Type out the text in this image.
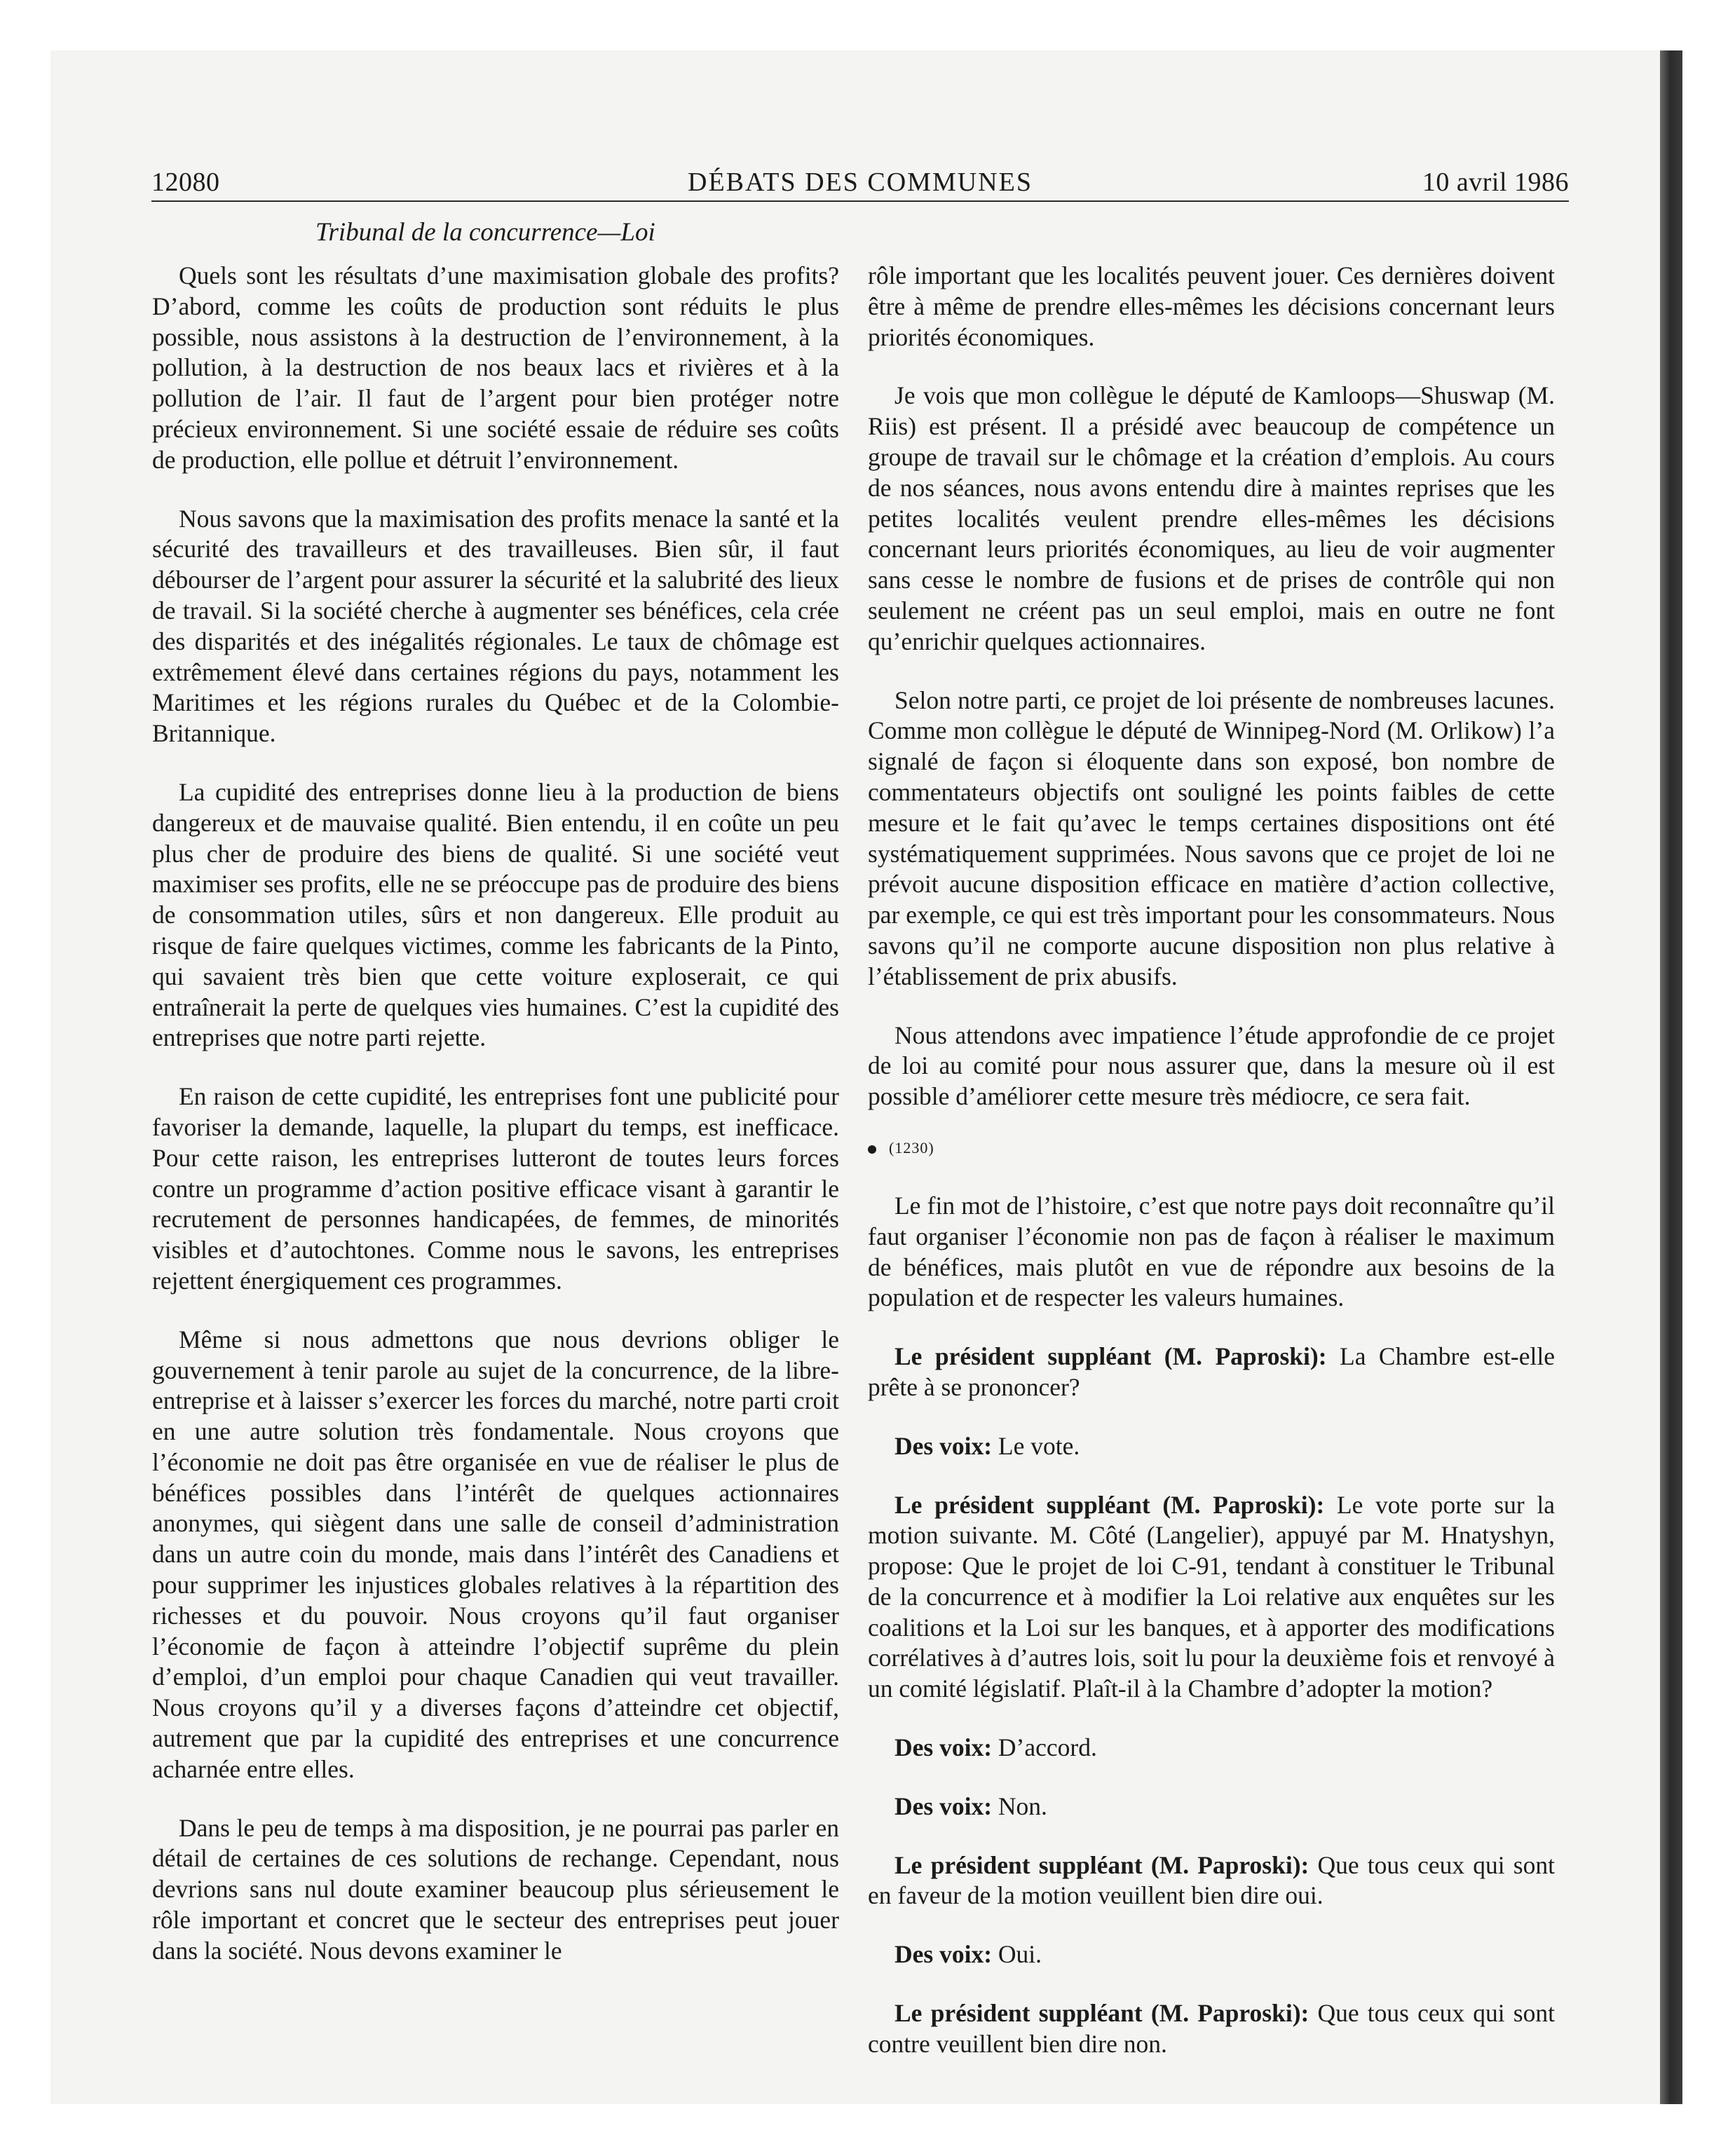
12080	DÉBATS DES COMMUNES	10 avril 1986
Tribunal de la concurrence—Loi

Quels sont les résultats d’une maximisation globale des profits? D’abord, comme les coûts de production sont réduits le plus possible, nous assistons à la destruction de l’environnement, à la pollution, à la destruction de nos beaux lacs et rivières et à la pollution de l’air. Il faut de l’argent pour bien protéger notre précieux environnement. Si une société essaie de réduire ses coûts de production, elle pollue et détruit l’environnement.

Nous savons que la maximisation des profits menace la santé et la sécurité des travailleurs et des travailleuses. Bien sûr, il faut débourser de l’argent pour assurer la sécurité et la salubrité des lieux de travail. Si la société cherche à augmenter ses bénéfices, cela crée des disparités et des inégalités régionales. Le taux de chômage est extrêmement élevé dans certaines régions du pays, notamment les Maritimes et les régions rurales du Québec et de la Colombie-Britannique.

La cupidité des entreprises donne lieu à la production de biens dangereux et de mauvaise qualité. Bien entendu, il en coûte un peu plus cher de produire des biens de qualité. Si une société veut maximiser ses profits, elle ne se préoccupe pas de produire des biens de consommation utiles, sûrs et non dangereux. Elle produit au risque de faire quelques victimes, comme les fabricants de la Pinto, qui savaient très bien que cette voiture exploserait, ce qui entraînerait la perte de quelques vies humaines. C’est la cupidité des entreprises que notre parti rejette.

En raison de cette cupidité, les entreprises font une publicité pour favoriser la demande, laquelle, la plupart du temps, est inefficace. Pour cette raison, les entreprises lutteront de toutes leurs forces contre un programme d’action positive efficace visant à garantir le recrutement de personnes handicapées, de femmes, de minorités visibles et d’autochtones. Comme nous le savons, les entreprises rejettent énergiquement ces programmes.

Même si nous admettons que nous devrions obliger le gouvernement à tenir parole au sujet de la concurrence, de la libre-entreprise et à laisser s’exercer les forces du marché, notre parti croit en une autre solution très fondamentale. Nous croyons que l’économie ne doit pas être organisée en vue de réaliser le plus de bénéfices possibles dans l’intérêt de quelques actionnaires anonymes, qui siègent dans une salle de conseil d’administration dans un autre coin du monde, mais dans l’intérêt des Canadiens et pour supprimer les injustices globales relatives à la répartition des richesses et du pouvoir. Nous croyons qu’il faut organiser l’économie de façon à atteindre l’objectif suprême du plein d’emploi, d’un emploi pour chaque Canadien qui veut travailler. Nous croyons qu’il y a diverses façons d’atteindre cet objectif, autrement que par la cupidité des entreprises et une concurrence acharnée entre elles.

Dans le peu de temps à ma disposition, je ne pourrai pas parler en détail de certaines de ces solutions de rechange. Cependant, nous devrions sans nul doute examiner beaucoup plus sérieusement le rôle important et concret que le secteur des entreprises peut jouer dans la société. Nous devons examiner le

rôle important que les localités peuvent jouer. Ces dernières doivent être à même de prendre elles-mêmes les décisions concernant leurs priorités économiques.

Je vois que mon collègue le député de Kamloops—Shuswap (M. Riis) est présent. Il a présidé avec beaucoup de compétence un groupe de travail sur le chômage et la création d’emplois. Au cours de nos séances, nous avons entendu dire à maintes reprises que les petites localités veulent prendre elles-mêmes les décisions concernant leurs priorités économiques, au lieu de voir augmenter sans cesse le nombre de fusions et de prises de contrôle qui non seulement ne créent pas un seul emploi, mais en outre ne font qu’enrichir quelques actionnaires.

Selon notre parti, ce projet de loi présente de nombreuses lacunes. Comme mon collègue le député de Winnipeg-Nord (M. Orlikow) l’a signalé de façon si éloquente dans son exposé, bon nombre de commentateurs objectifs ont souligné les points faibles de cette mesure et le fait qu’avec le temps certaines dispositions ont été systématiquement supprimées. Nous savons que ce projet de loi ne prévoit aucune disposition efficace en matière d’action collective, par exemple, ce qui est très important pour les consommateurs. Nous savons qu’il ne comporte aucune disposition non plus relative à l’établissement de prix abusifs.

Nous attendons avec impatience l’étude approfondie de ce projet de loi au comité pour nous assurer que, dans la mesure où il est possible d’améliorer cette mesure très médiocre, ce sera fait.

(1230)

Le fin mot de l’histoire, c’est que notre pays doit reconnaître qu’il faut organiser l’économie non pas de façon à réaliser le maximum de bénéfices, mais plutôt en vue de répondre aux besoins de la population et de respecter les valeurs humaines.

Le président suppléant (M. Paproski): La Chambre est-elle prête à se prononcer?

Des voix: Le vote.

Le président suppléant (M. Paproski): Le vote porte sur la motion suivante. M. Côté (Langelier), appuyé par M. Hnatyshyn, propose: Que le projet de loi C-91, tendant à constituer le Tribunal de la concurrence et à modifier la Loi relative aux enquêtes sur les coalitions et la Loi sur les banques, et à apporter des modifications corrélatives à d’autres lois, soit lu pour la deuxième fois et renvoyé à un comité législatif. Plaît-il à la Chambre d’adopter la motion?

Des voix: D’accord.

Des voix: Non.

Le président suppléant (M. Paproski): Que tous ceux qui sont en faveur de la motion veuillent bien dire oui.

Des voix: Oui.

Le président suppléant (M. Paproski): Que tous ceux qui sont contre veuillent bien dire non.
